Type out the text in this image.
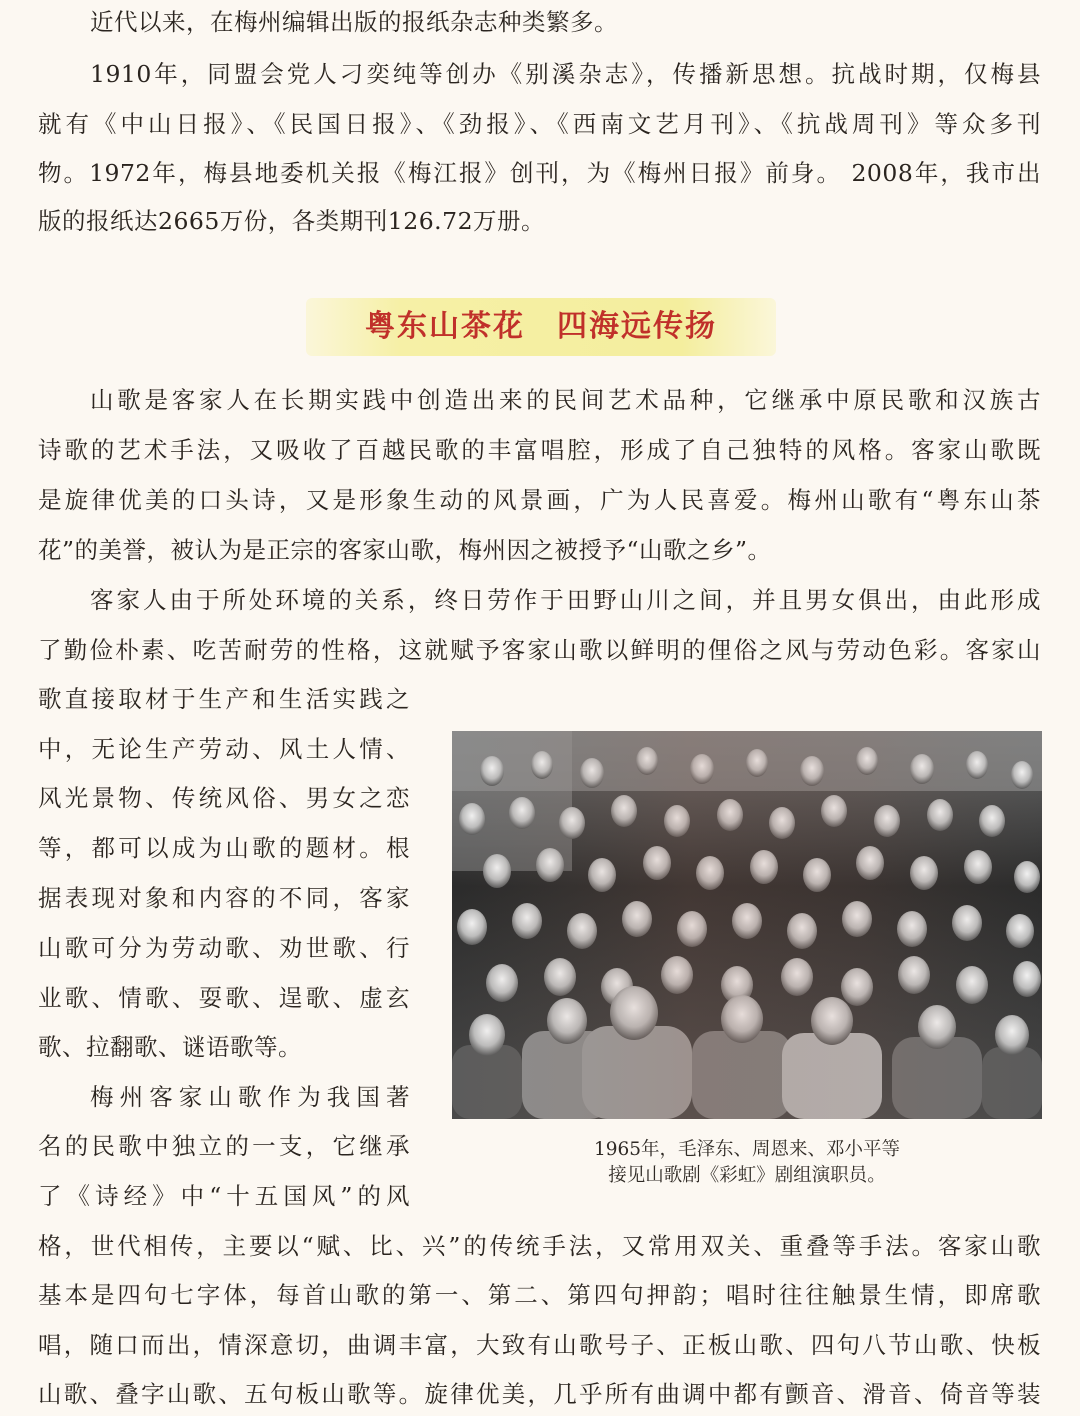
近代以来，在梅州编辑出版的报纸杂志种类繁多。
1910年，同盟会党人刁奕纯等创办《别溪杂志》，传播新思想。抗战时期，仅梅县
就有《中山日报》、《民国日报》、《劲报》、《西南文艺月刊》、《抗战周刊》等众多刊
物。1972年，梅县地委机关报《梅江报》创刊，为《梅州日报》前身。 2008年，我市出
版的报纸达2665万份，各类期刊126.72万册。
粤东山茶花　四海远传扬
山歌是客家人在长期实践中创造出来的民间艺术品种，它继承中原民歌和汉族古
诗歌的艺术手法，又吸收了百越民歌的丰富唱腔，形成了自己独特的风格。客家山歌既
是旋律优美的口头诗，又是形象生动的风景画，广为人民喜爱。梅州山歌有“粤东山茶
花”的美誉，被认为是正宗的客家山歌，梅州因之被授予“山歌之乡”。
客家人由于所处环境的关系，终日劳作于田野山川之间，并且男女俱出，由此形成
了勤俭朴素、吃苦耐劳的性格，这就赋予客家山歌以鲜明的俚俗之风与劳动色彩。客家山
歌直接取材于生产和生活实践之
中，无论生产劳动、风土人情、
风光景物、传统风俗、男女之恋
等，都可以成为山歌的题材。根
据表现对象和内容的不同，客家
山歌可分为劳动歌、劝世歌、行
业歌、情歌、耍歌、逞歌、虚玄
歌、拉翻歌、谜语歌等。
梅州客家山歌作为我国著
名的民歌中独立的一支，它继承
了《诗经》中“十五国风”的风
格，世代相传，主要以“赋、比、兴”的传统手法，又常用双关、重叠等手法。客家山歌
基本是四句七字体，每首山歌的第一、第二、第四句押韵；唱时往往触景生情，即席歌
唱，随口而出，情深意切，曲调丰富，大致有山歌号子、正板山歌、四句八节山歌、快板
山歌、叠字山歌、五句板山歌等。旋律优美，几乎所有曲调中都有颤音、滑音、倚音等装
1965年，毛泽东、周恩来、邓小平等
接见山歌剧《彩虹》剧组演职员。
